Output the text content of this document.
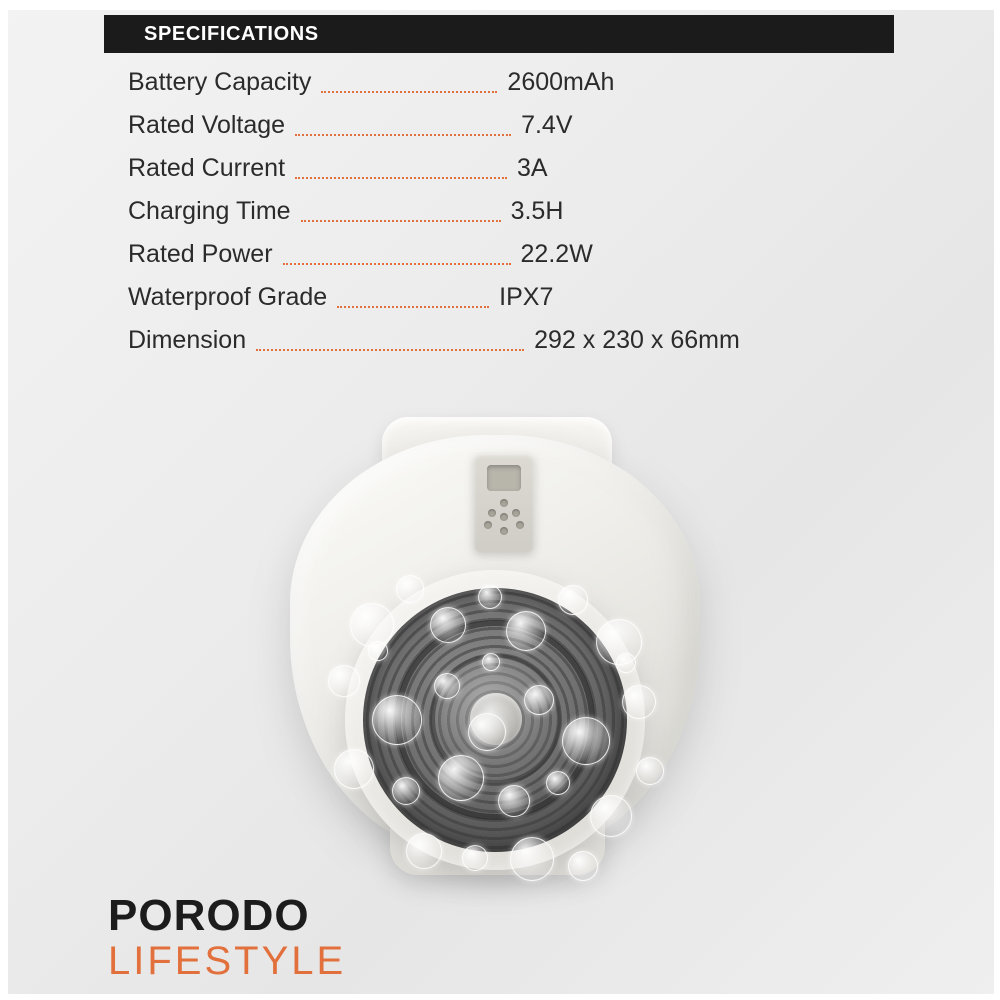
SPECIFICATIONS
Battery Capacity	2600mAh
Rated Voltage	7.4V
Rated Current	3A
Charging Time	3.5H
Rated Power	22.2W
Waterproof Grade	IPX7
Dimension	292 x 230 x 66mm
PORODO
LIFESTYLE
